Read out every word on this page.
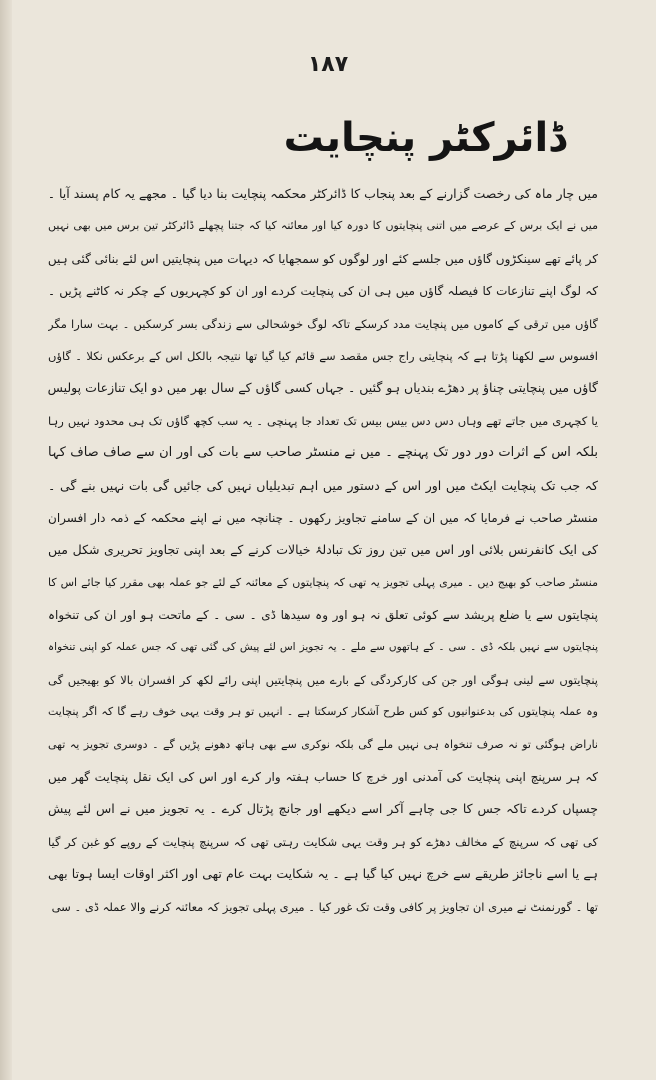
۱۸۷
ڈائرکٹر پنچایت
میں چار ماہ کی رخصت گزارنے کے بعد پنجاب کا ڈائرکٹر محکمہ پنچایت بنا دیا گیا ۔ مجھے یہ کام پسند آیا ۔
میں نے ایک برس کے عرصے میں اتنی پنچایتوں کا دورہ کیا اور معائنہ کیا کہ جتنا پچھلے ڈائرکٹر تین برس میں بھی نہیں
کر پائے تھے سینکڑوں گاؤں میں جلسے کئے اور لوگوں کو سمجھایا کہ دیہات میں پنچایتیں اس لئے بنائی گئی ہیں
کہ لوگ اپنے تنازعات کا فیصلہ گاؤں میں ہی ان کی پنچایت کردے اور ان کو کچہریوں کے چکر نہ کاٹنے پڑیں ۔
گاؤں میں ترقی کے کاموں میں پنچایت مدد کرسکے تاکہ لوگ خوشحالی سے زندگی بسر کرسکیں ۔ بہت سارا مگر
افسوس سے لکھنا پڑتا ہے کہ پنچایتی راج جس مقصد سے قائم کیا گیا تھا نتیجہ بالکل اس کے برعکس نکلا ۔ گاؤں
گاؤں میں پنچایتی چناؤ پر دھڑے بندیاں ہو گئیں ۔ جہاں کسی گاؤں کے سال بھر میں دو ایک تنازعات پولیس
یا کچہری میں جاتے تھے وہاں دس دس بیس بیس تک تعداد جا پہنچی ۔ یہ سب کچھ گاؤں تک ہی محدود نہیں رہا
بلکہ اس کے اثرات دور دور تک پہنچے ۔ میں نے منسٹر صاحب سے بات کی اور ان سے صاف صاف کہا
کہ جب تک پنچایت ایکٹ میں اور اس کے دستور میں اہم تبدیلیاں نہیں کی جائیں گی بات نہیں بنے گی ۔
منسٹر صاحب نے فرمایا کہ میں ان کے سامنے تجاویز رکھوں ۔ چنانچہ میں نے اپنے محکمہ کے ذمہ دار افسران
کی ایک کانفرنس بلائی اور اس میں تین روز تک تبادلۂ خیالات کرنے کے بعد اپنی تجاویز تحریری شکل میں
منسٹر صاحب کو بھیج دیں ۔ میری پہلی تجویز یہ تھی کہ پنچایتوں کے معائنہ کے لئے جو عملہ بھی مقرر کیا جائے اس کا
پنچایتوں سے یا ضلع پریشد سے کوئی تعلق نہ ہو اور وہ سیدھا ڈی ۔ سی ۔ کے ماتحت ہو اور ان کی تنخواہ
پنچایتوں سے نہیں بلکہ ڈی ۔ سی ۔ کے ہاتھوں سے ملے ۔ یہ تجویز اس لئے پیش کی گئی تھی کہ جس عملہ کو اپنی تنخواہ
پنچایتوں سے لینی ہوگی اور جن کی کارکردگی کے بارے میں پنچایتیں اپنی رائے لکھ کر افسران بالا کو بھیجیں گی
وہ عملہ پنچایتوں کی بدعنوانیوں کو کس طرح آشکار کرسکتا ہے ۔ انہیں تو ہر وقت یہی خوف رہے گا کہ اگر پنچایت
ناراض ہوگئی تو نہ صرف تنخواہ ہی نہیں ملے گی بلکہ نوکری سے بھی ہاتھ دھونے پڑیں گے ۔ دوسری تجویز یہ تھی
کہ ہر سرپنچ اپنی پنچایت کی آمدنی اور خرچ کا حساب ہفتہ وار کرے اور اس کی ایک نقل پنچایت گھر میں
چسپاں کردے تاکہ جس کا جی چاہے آکر اسے دیکھے اور جانچ پڑتال کرے ۔ یہ تجویز میں نے اس لئے پیش
کی تھی کہ سرپنچ کے مخالف دھڑے کو ہر وقت یہی شکایت رہتی تھی کہ سرپنچ پنچایت کے روپے کو غبن کر گیا
ہے یا اسے ناجائز طریقے سے خرچ نہیں کیا گیا ہے ۔ یہ شکایت بہت عام تھی اور اکثر اوقات ایسا ہوتا بھی
تھا ۔ گورنمنٹ نے میری ان تجاویز پر کافی وقت تک غور کیا ۔ میری پہلی تجویز کہ معائنہ کرنے والا عملہ ڈی ۔ سی
